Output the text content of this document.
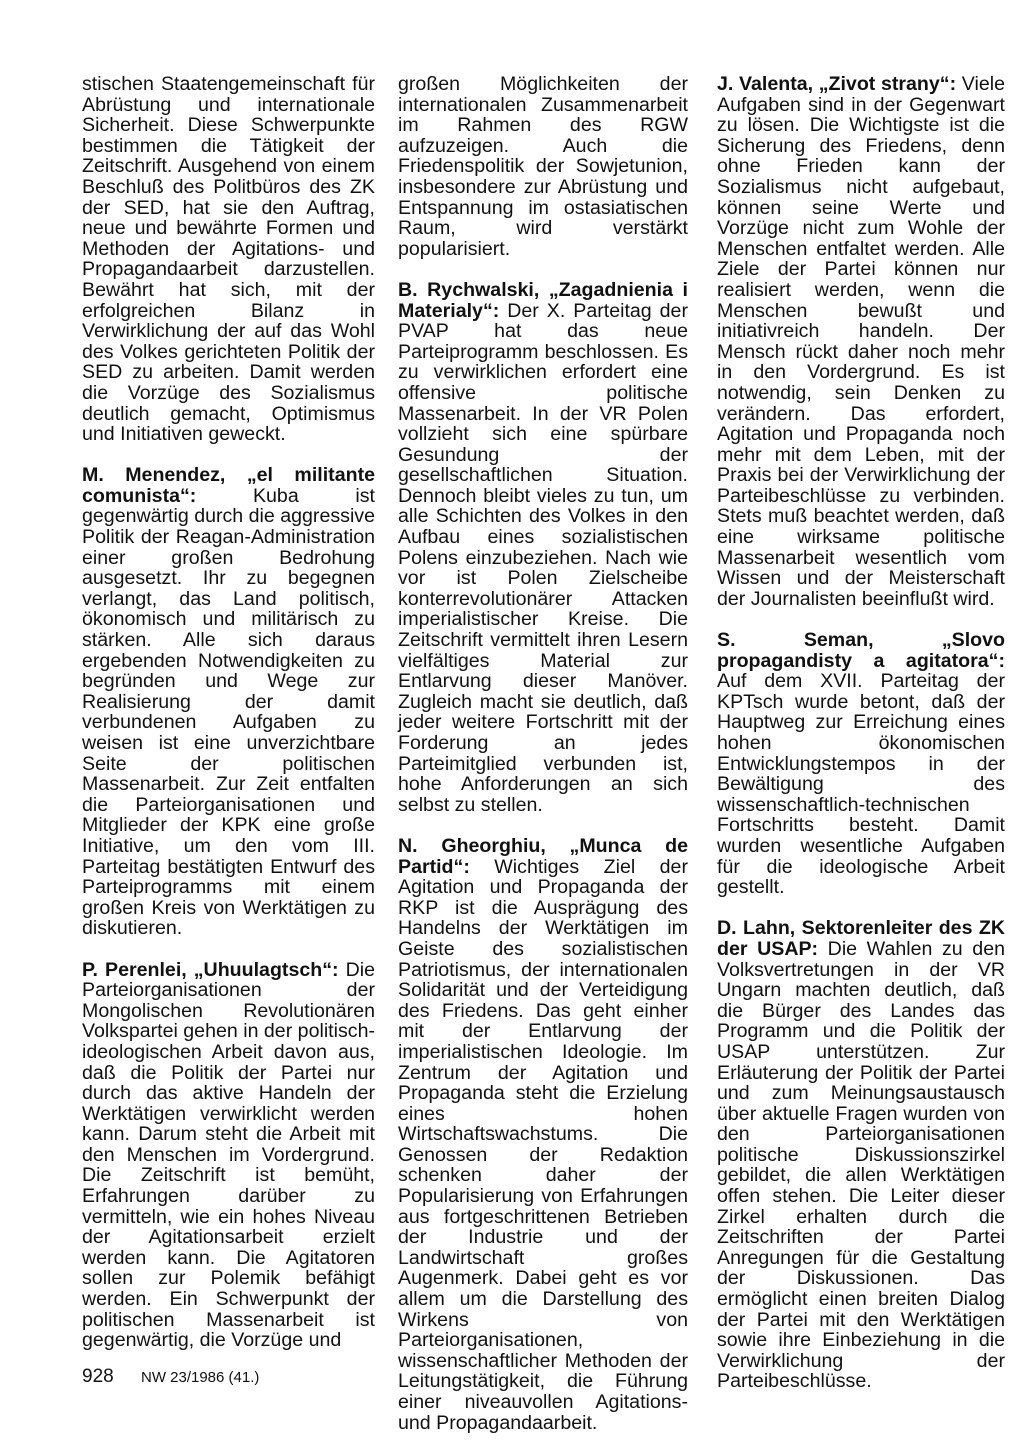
stischen Staatengemeinschaft für Abrüstung und internationale Sicherheit. Diese Schwerpunkte bestimmen die Tätigkeit der Zeitschrift. Ausgehend von einem Beschluß des Politbüros des ZK der SED, hat sie den Auftrag, neue und bewährte Formen und Methoden der Agitations- und Propagandaarbeit darzustellen. Bewährt hat sich, mit der erfolgreichen Bilanz in Verwirklichung der auf das Wohl des Volkes gerichteten Politik der SED zu arbeiten. Damit werden die Vorzüge des Sozialismus deutlich gemacht, Optimismus und Initiativen geweckt.

M. Menendez, „el militante comunista“:	Kuba ist gegenwärtig durch die aggressive Politik der Reagan-Administration einer großen Bedrohung ausgesetzt. Ihr zu begegnen verlangt, das Land politisch, ökonomisch und militärisch zu stärken. Alle sich daraus ergebenden Notwendigkeiten zu begründen und Wege zur Realisierung der damit verbundenen Aufgaben zu weisen ist eine unverzichtbare Seite der politischen Massenarbeit. Zur Zeit entfalten die Parteiorganisationen und Mitglieder der KPK eine große Initiative, um den vom III. Parteitag bestätigten Entwurf des Parteiprogramms mit einem großen Kreis von Werktätigen zu diskutieren.

P. Perenlei, „Uhuulagtsch“: Die Parteiorganisationen der Mongolischen Revolutionären Volkspartei gehen in der politisch-ideologischen Arbeit davon aus, daß die Politik der Partei nur durch das aktive Handeln der Werktätigen verwirklicht werden kann. Darum steht die Arbeit mit den Menschen im Vordergrund. Die Zeitschrift ist bemüht, Erfahrungen darüber zu vermitteln, wie ein hohes Niveau der Agitationsarbeit erzielt werden kann. Die Agitatoren sollen zur Polemik befähigt werden. Ein Schwerpunkt der politischen Massenarbeit ist gegenwärtig, die Vorzüge und

großen Möglichkeiten der internationalen Zusammenarbeit im Rahmen des RGW aufzuzeigen. Auch die Friedenspolitik der Sowjetunion, insbesondere zur Abrüstung und Entspannung im ostasiatischen Raum, wird verstärkt popularisiert.

B. Rychwalski, „Zagadnienia i Materialy“: Der X. Parteitag der PVAP hat das neue Parteiprogramm beschlossen. Es zu verwirklichen erfordert eine offensive politische Massenarbeit. In der VR Polen vollzieht sich eine spürbare Gesundung der gesellschaftlichen Situation. Dennoch bleibt vieles zu tun, um alle Schichten des Volkes in den Aufbau eines sozialistischen Polens einzubeziehen. Nach wie vor ist Polen Zielscheibe konterrevolutionärer Attacken imperialistischer Kreise. Die Zeitschrift vermittelt ihren Lesern vielfältiges Material zur Entlarvung dieser Manöver. Zugleich macht sie deutlich, daß jeder weitere Fortschritt mit der Forderung an jedes Parteimitglied verbunden ist, hohe Anforderungen an sich selbst zu stellen.

N. Gheorghiu, „Munca de Partid“: Wichtiges Ziel der Agitation und Propaganda der RKP ist die Ausprägung des Handelns der Werktätigen im Geiste des sozialistischen Patriotismus, der internationalen Solidarität und der Verteidigung des Friedens. Das geht einher mit der Entlarvung der imperialistischen Ideologie. Im Zentrum der Agitation und Propaganda steht die Erzielung eines hohen Wirtschaftswachstums. Die Genossen der Redaktion schenken daher der Popularisierung von Erfahrungen aus fortgeschrittenen Betrieben der Industrie und der Landwirtschaft großes Augenmerk. Dabei geht es vor allem um die Darstellung des Wirkens von Parteiorganisationen, wissenschaftlicher Methoden der Leitungstätigkeit, die Führung einer niveauvollen Agitations- und Propagandaarbeit.

J. Valenta, „Zivot strany“: Viele Aufgaben sind in der Gegenwart zu lösen. Die Wichtigste ist die Sicherung des Friedens, denn ohne Frieden kann der Sozialismus nicht aufgebaut, können seine Werte und Vorzüge nicht zum Wohle der Menschen entfaltet werden. Alle Ziele der Partei können nur realisiert werden, wenn die Menschen bewußt und initiativreich handeln. Der Mensch rückt daher noch mehr in den Vordergrund. Es ist notwendig, sein Denken zu verändern. Das erfordert, Agitation und Propaganda noch mehr mit dem Leben, mit der Praxis bei der Verwirklichung der Parteibeschlüsse zu verbinden. Stets muß beachtet werden, daß eine wirksame politische Massenarbeit wesentlich vom Wissen und der Meisterschaft der Journalisten beeinflußt wird.

S. Seman, „Slovo propagandisty a agitatora“: Auf dem XVII. Parteitag der KPTsch wurde betont, daß der Hauptweg zur Erreichung eines hohen ökonomischen Entwicklungstempos in der Bewältigung des wissenschaftlich-technischen Fortschritts besteht. Damit wurden wesentliche Aufgaben für die ideologische Arbeit gestellt.

D. Lahn, Sektorenleiter des ZK der USAP: Die Wahlen zu den Volksvertretungen in der VR Ungarn machten deutlich, daß die Bürger des Landes das Programm und die Politik der USAP unterstützen. Zur Erläuterung der Politik der Partei und zum Meinungsaustausch über aktuelle Fragen wurden von den Parteiorganisationen politische Diskussionszirkel gebildet, die allen Werktätigen offen stehen. Die Leiter dieser Zirkel erhalten durch die Zeitschriften der Partei Anregungen für die Gestaltung der Diskussionen. Das ermöglicht einen breiten Dialog der Partei mit den Werktätigen sowie ihre Einbeziehung in die Verwirklichung der Parteibeschlüsse.

928 NW 23/1986 (41.)
